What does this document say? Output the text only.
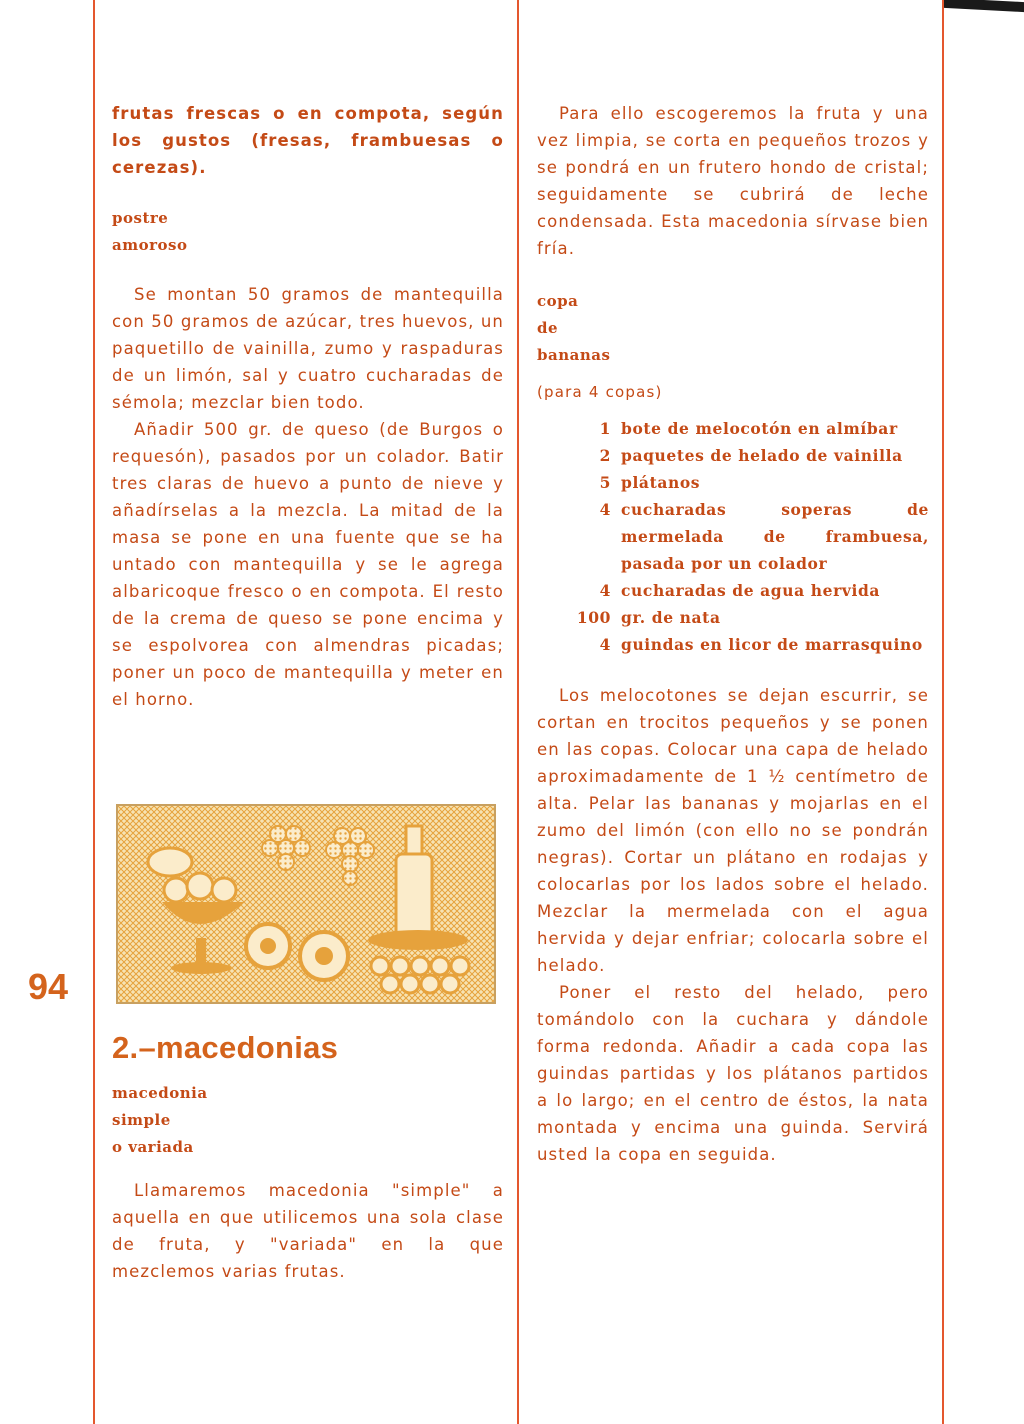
94

frutas frescas o en compota, según los gustos (fresas, frambuesas o cerezas).

postre
amoroso

Se montan 50 gramos de mantequilla con 50 gramos de azúcar, tres huevos, un paquetillo de vainilla, zumo y raspaduras de un limón, sal y cuatro cucharadas de sémola; mezclar bien todo.

Añadir 500 gr. de queso (de Burgos o requesón), pasados por un colador. Batir tres claras de huevo a punto de nieve y añadírselas a la mezcla. La mitad de la masa se pone en una fuente que se ha untado con mantequilla y se le agrega albaricoque fresco o en compota. El resto de la crema de queso se pone encima y se espolvorea con almendras picadas; poner un poco de mantequilla y meter en el horno.

2.–macedonias
macedonia
simple
o variada

Llamaremos macedonia "simple" a aquella en que utilicemos una sola clase de fruta, y "variada" en la que mezclemos varias frutas.

Para ello escogeremos la fruta y una vez limpia, se corta en pequeños trozos y se pondrá en un frutero hondo de cristal; seguidamente se cubrirá de leche condensada. Esta macedonia sírvase bien fría.

copa
de
bananas

(para 4 copas)

1 bote de melocotón en almíbar
2 paquetes de helado de vainilla
5 plátanos
4 cucharadas soperas de mermelada de frambuesa, pasada por un colador
4 cucharadas de agua hervida
100 gr. de nata
4 guindas en licor de marrasquino

Los melocotones se dejan escurrir, se cortan en trocitos pequeños y se ponen en las copas. Colocar una capa de helado aproximadamente de 1 ½ centímetro de alta. Pelar las bananas y mojarlas en el zumo del limón (con ello no se pondrán negras). Cortar un plátano en rodajas y colocarlas por los lados sobre el helado. Mezclar la mermelada con el agua hervida y dejar enfriar; colocarla sobre el helado.

Poner el resto del helado, pero tomándolo con la cuchara y dándole forma redonda. Añadir a cada copa las guindas partidas y los plátanos partidos a lo largo; en el centro de éstos, la nata montada y encima una guinda. Servirá usted la copa en seguida.
